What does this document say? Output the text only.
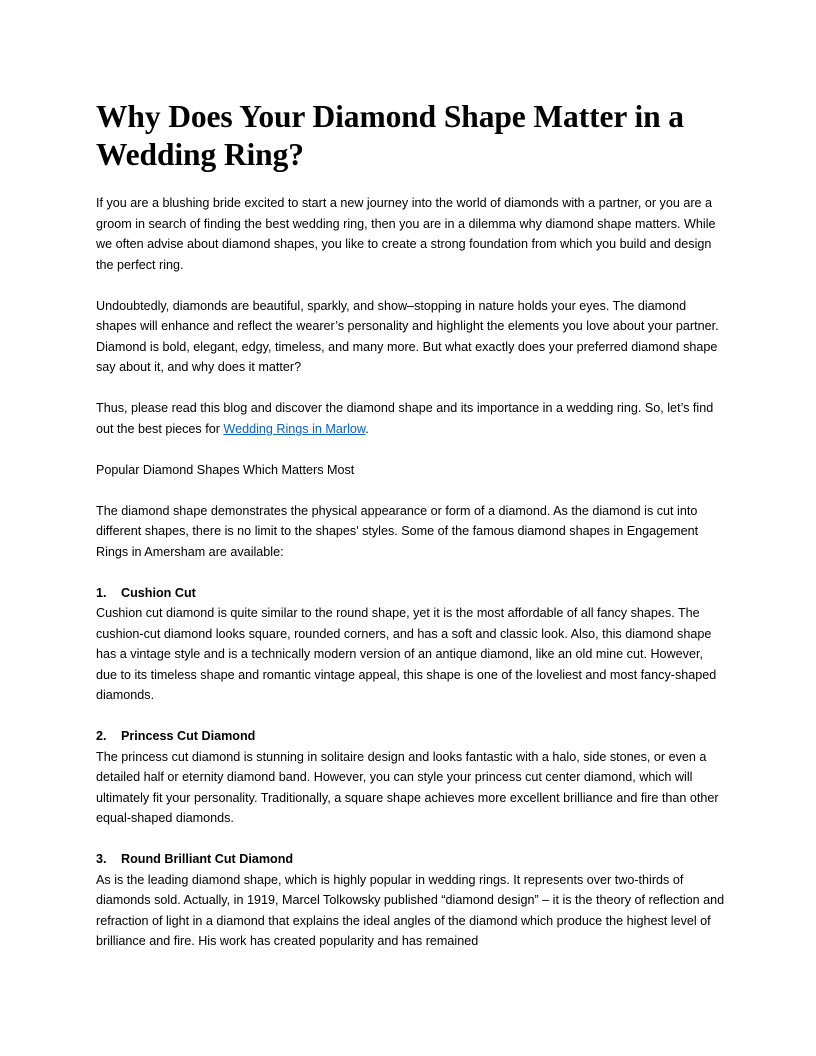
Why Does Your Diamond Shape Matter in a Wedding Ring?

If you are a blushing bride excited to start a new journey into the world of diamonds with a partner, or you are a groom in search of finding the best wedding ring, then you are in a dilemma why diamond shape matters. While we often advise about diamond shapes, you like to create a strong foundation from which you build and design the perfect ring.

Undoubtedly, diamonds are beautiful, sparkly, and show–stopping in nature holds your eyes. The diamond shapes will enhance and reflect the wearer’s personality and highlight the elements you love about your partner. Diamond is bold, elegant, edgy, timeless, and many more. But what exactly does your preferred diamond shape say about it, and why does it matter?

Thus, please read this blog and discover the diamond shape and its importance in a wedding ring. So, let’s find out the best pieces for Wedding Rings in Marlow.

Popular Diamond Shapes Which Matters Most

The diamond shape demonstrates the physical appearance or form of a diamond. As the diamond is cut into different shapes, there is no limit to the shapes' styles. Some of the famous diamond shapes in Engagement Rings in Amersham are available:

1. Cushion Cut

Cushion cut diamond is quite similar to the round shape, yet it is the most affordable of all fancy shapes. The cushion-cut diamond looks square, rounded corners, and has a soft and classic look. Also, this diamond shape has a vintage style and is a technically modern version of an antique diamond, like an old mine cut. However, due to its timeless shape and romantic vintage appeal, this shape is one of the loveliest and most fancy-shaped diamonds.

2. Princess Cut Diamond

The princess cut diamond is stunning in solitaire design and looks fantastic with a halo, side stones, or even a detailed half or eternity diamond band. However, you can style your princess cut center diamond, which will ultimately fit your personality. Traditionally, a square shape achieves more excellent brilliance and fire than other equal-shaped diamonds.

3. Round Brilliant Cut Diamond

As is the leading diamond shape, which is highly popular in wedding rings. It represents over two-thirds of diamonds sold. Actually, in 1919, Marcel Tolkowsky published “diamond design” – it is the theory of reflection and refraction of light in a diamond that explains the ideal angles of the diamond which produce the highest level of brilliance and fire. His work has created popularity and has remained
